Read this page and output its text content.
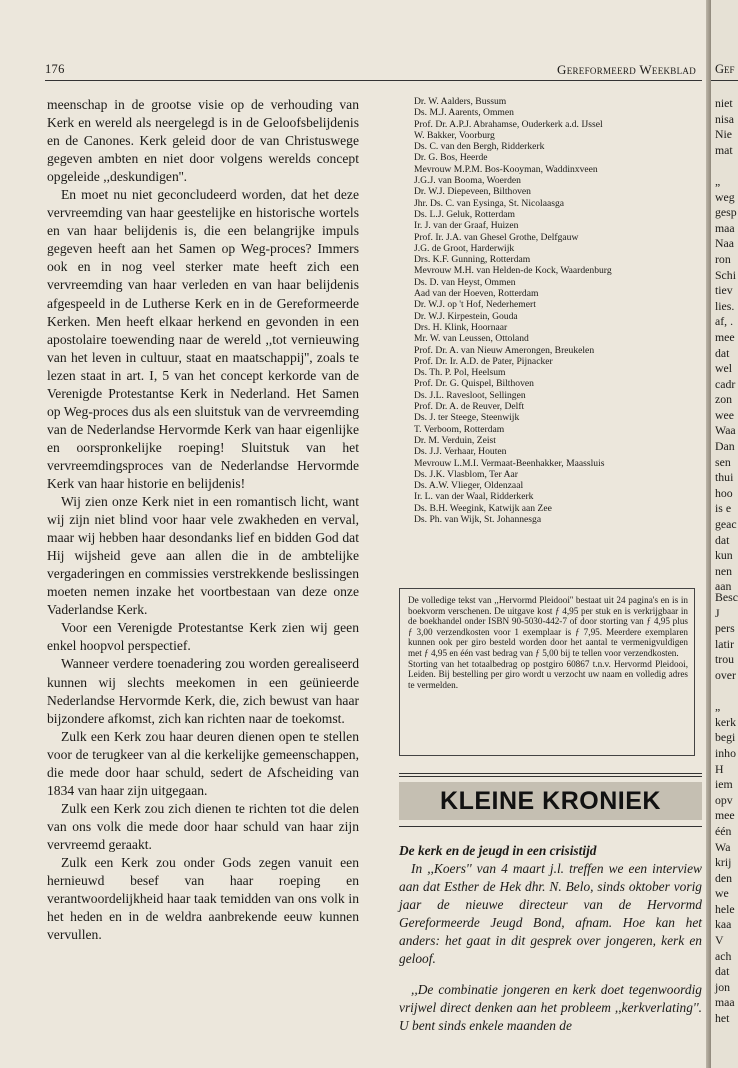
176	Gereformeerd Weekblad

meenschap in de grootse visie op de verhouding van Kerk en wereld als neergelegd is in de Geloofsbelijdenis en de Canones. Kerk geleid door de van Christuswege gegeven ambten en niet door volgens werelds concept opgeleide ,,deskundigen''.

En moet nu niet geconcludeerd worden, dat het deze vervreemding van haar geestelijke en historische wortels en van haar belijdenis is, die een belangrijke impuls gegeven heeft aan het Samen op Weg-proces? Immers ook en in nog veel sterker mate heeft zich een vervreemding van haar verleden en van haar belijdenis afgespeeld in de Lutherse Kerk en in de Gereformeerde Kerken. Men heeft elkaar herkend en gevonden in een apostolaire toewending naar de wereld ,,tot vernieuwing van het leven in cultuur, staat en maatschappij'', zoals te lezen staat in art. I, 5 van het concept kerkorde van de Verenigde Protestantse Kerk in Nederland. Het Samen op Weg-proces dus als een sluitstuk van de vervreemding van de Nederlandse Hervormde Kerk van haar eigenlijke en oorspronkelijke roeping! Sluitstuk van het vervreemdingsproces van de Nederlandse Hervormde Kerk van haar historie en belijdenis!

Wij zien onze Kerk niet in een romantisch licht, want wij zijn niet blind voor haar vele zwakheden en verval, maar wij hebben haar desondanks lief en bidden God dat Hij wijsheid geve aan allen die in de ambtelijke vergaderingen en commissies verstrekkende beslissingen moeten nemen inzake het voortbestaan van deze onze Vaderlandse Kerk.

Voor een Verenigde Protestantse Kerk zien wij geen enkel hoopvol perspectief.

Wanneer verdere toenadering zou worden gerealiseerd kunnen wij slechts meekomen in een geünieerde Nederlandse Hervormde Kerk, die, zich bewust van haar bijzondere afkomst, zich kan richten naar de toekomst.

Zulk een Kerk zou haar deuren dienen open te stellen voor de terugkeer van al die kerkelijke gemeenschappen, die mede door haar schuld, sedert de Afscheiding van 1834 van haar zijn uitgegaan.

Zulk een Kerk zou zich dienen te richten tot die delen van ons volk die mede door haar schuld van haar zijn vervreemd geraakt.

Zulk een Kerk zou onder Gods zegen vanuit een hernieuwd besef van haar roeping en verantwoordelijkheid haar taak temidden van ons volk in het heden en in de weldra aanbrekende eeuw kunnen vervullen.

Dr. W. Aalders, Bussum
Ds. M.J. Aarents, Ommen
Prof. Dr. A.P.J. Abrahamse, Ouderkerk a.d. IJssel
W. Bakker, Voorburg
Ds. C. van den Bergh, Ridderkerk
Dr. G. Bos, Heerde
Mevrouw M.P.M. Bos-Kooyman, Waddinxveen
J.G.J. van Booma, Woerden
Dr. W.J. Diepeveen, Bilthoven
Jhr. Ds. C. van Eysinga, St. Nicolaasga
Ds. L.J. Geluk, Rotterdam
Ir. J. van der Graaf, Huizen
Prof. Ir. J.A. van Ghesel Grothe, Delfgauw
J.G. de Groot, Harderwijk
Drs. K.F. Gunning, Rotterdam
Mevrouw M.H. van Helden-de Kock, Waardenburg
Ds. D. van Heyst, Ommen
Aad van der Hoeven, Rotterdam
Dr. W.J. op 't Hof, Nederhemert
Dr. W.J. Kirpestein, Gouda
Drs. H. Klink, Hoornaar
Mr. W. van Leussen, Ottoland
Prof. Dr. A. van Nieuw Amerongen, Breukelen
Prof. Dr. Ir. A.D. de Pater, Pijnacker
Ds. Th. P. Pol, Heelsum
Prof. Dr. G. Quispel, Bilthoven
Ds. J.L. Ravesloot, Sellingen
Prof. Dr. A. de Reuver, Delft
Ds. J. ter Steege, Steenwijk
T. Verboom, Rotterdam
Dr. M. Verduin, Zeist
Ds. J.J. Verhaar, Houten
Mevrouw L.M.I. Vermaat-Beenhakker, Maassluis
Ds. J.K. Vlasblom, Ter Aar
Ds. A.W. Vlieger, Oldenzaal
Ir. L. van der Waal, Ridderkerk
Ds. B.H. Weegink, Katwijk aan Zee
Ds. Ph. van Wijk, St. Johannesga

De volledige tekst van ,,Hervormd Pleidooi'' bestaat uit 24 pagina's en is in boekvorm verschenen. De uitgave kost ƒ 4,95 per stuk en is verkrijgbaar in de boekhandel onder ISBN 90-5030-442-7 of door storting van ƒ 4,95 plus ƒ 3,00 verzendkosten voor 1 exemplaar is ƒ 7,95. Meerdere exemplaren kunnen ook per giro besteld worden door het aantal te vermenigvuldigen met ƒ 4,95 en één vast bedrag van ƒ 5,00 bij te tellen voor verzendkosten.

Storting van het totaalbedrag op postgiro 60867 t.n.v. Hervormd Pleidooi, Leiden. Bij bestelling per giro wordt u verzocht uw naam en volledig adres te vermelden.

KLEINE KRONIEK

De kerk en de jeugd in een crisistijd

In ,,Koers'' van 4 maart j.l. treffen we een interview aan dat Esther de Hek dhr. N. Belo, sinds oktober vorig jaar de nieuwe directeur van de Hervormd Gereformeerde Jeugd Bond, afnam. Hoe kan het anders: het gaat in dit gesprek over jongeren, kerk en geloof.

,,De combinatie jongeren en kerk doet tegenwoordig vrijwel direct denken aan het probleem ,,kerkverlating''. U bent sinds enkele maanden de

Gef
niet
nisa
Nie
mat

„
weg
gesp
maa
Naa
ron
Schi
tiev
lies.
af, .
mee
dat
wel
cadr
zon
wee
Waa
Dan
sen
thui
hoo
is e
geac
dat
kun
nen
aan
Besc
J
pers
latir
trou
over

„
kerk
begi
inho
H
iem
opv
mee
één
Wa
krij
den
we
hele
kaa
V
ach
dat
jon
maa
het
